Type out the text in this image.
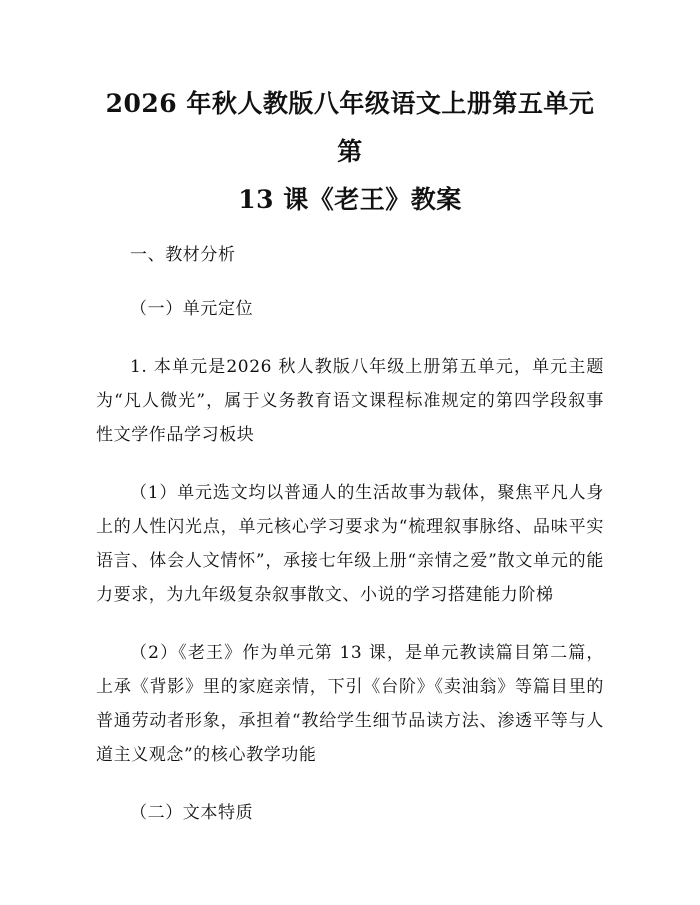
2026 年秋人教版八年级语文上册第五单元第
13 课《老王》教案

一、教材分析

（一）单元定位

1. 本单元是2026 秋人教版八年级上册第五单元，单元主题为“凡人微光”，属于义务教育语文课程标准规定的第四学段叙事性文学作品学习板块

（1）单元选文均以普通人的生活故事为载体，聚焦平凡人身上的人性闪光点，单元核心学习要求为“梳理叙事脉络、品味平实语言、体会人文情怀”，承接七年级上册“亲情之爱”散文单元的能力要求，为九年级复杂叙事散文、小说的学习搭建能力阶梯

（2）《老王》作为单元第 13 课，是单元教读篇目第二篇，上承《背影》里的家庭亲情，下引《台阶》《卖油翁》等篇目里的普通劳动者形象，承担着“教给学生细节品读方法、渗透平等与人道主义观念”的核心教学功能

（二）文本特质
